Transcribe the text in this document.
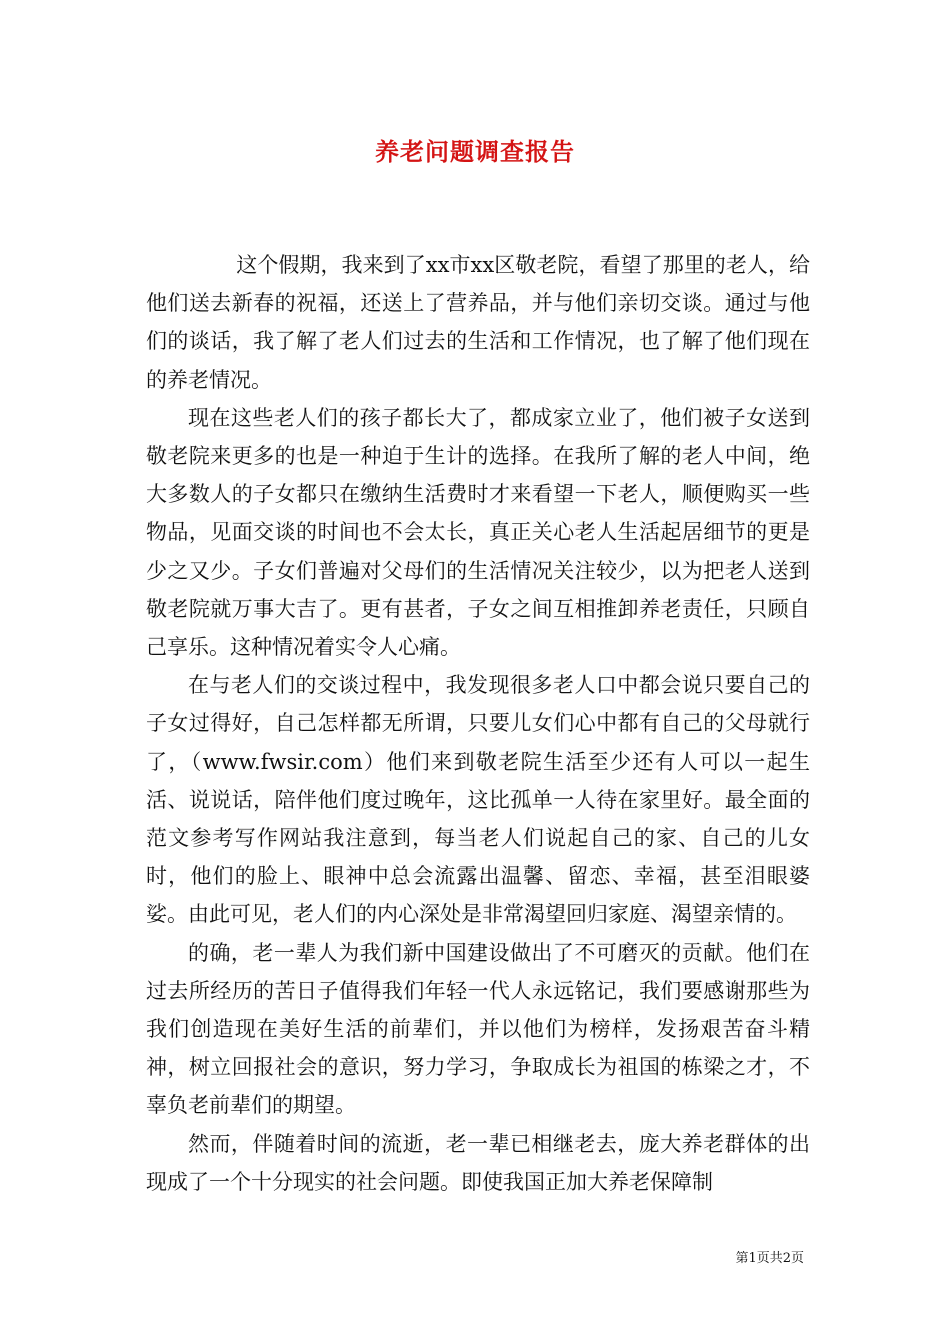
养老问题调查报告

这个假期，我来到了xx市xx区敬老院，看望了那里的老人，给他们送去新春的祝福，还送上了营养品，并与他们亲切交谈。通过与他们的谈话，我了解了老人们过去的生活和工作情况，也了解了他们现在的养老情况。

现在这些老人们的孩子都长大了，都成家立业了，他们被子女送到敬老院来更多的也是一种迫于生计的选择。在我所了解的老人中间，绝大多数人的子女都只在缴纳生活费时才来看望一下老人，顺便购买一些物品，见面交谈的时间也不会太长，真正关心老人生活起居细节的更是少之又少。子女们普遍对父母们的生活情况关注较少，以为把老人送到敬老院就万事大吉了。更有甚者，子女之间互相推卸养老责任，只顾自己享乐。这种情况着实令人心痛。

在与老人们的交谈过程中，我发现很多老人口中都会说只要自己的子女过得好，自己怎样都无所谓，只要儿女们心中都有自己的父母就行了，（www.fwsir.com）他们来到敬老院生活至少还有人可以一起生活、说说话，陪伴他们度过晚年，这比孤单一人待在家里好。最全面的范文参考写作网站我注意到，每当老人们说起自己的家、自己的儿女时，他们的脸上、眼神中总会流露出温馨、留恋、幸福，甚至泪眼婆娑。由此可见，老人们的内心深处是非常渴望回归家庭、渴望亲情的。

的确，老一辈人为我们新中国建设做出了不可磨灭的贡献。他们在过去所经历的苦日子值得我们年轻一代人永远铭记，我们要感谢那些为我们创造现在美好生活的前辈们，并以他们为榜样，发扬艰苦奋斗精神，树立回报社会的意识，努力学习，争取成长为祖国的栋梁之才，不辜负老前辈们的期望。

然而，伴随着时间的流逝，老一辈已相继老去，庞大养老群体的出现成了一个十分现实的社会问题。即使我国正加大养老保障制

第1页共2页
